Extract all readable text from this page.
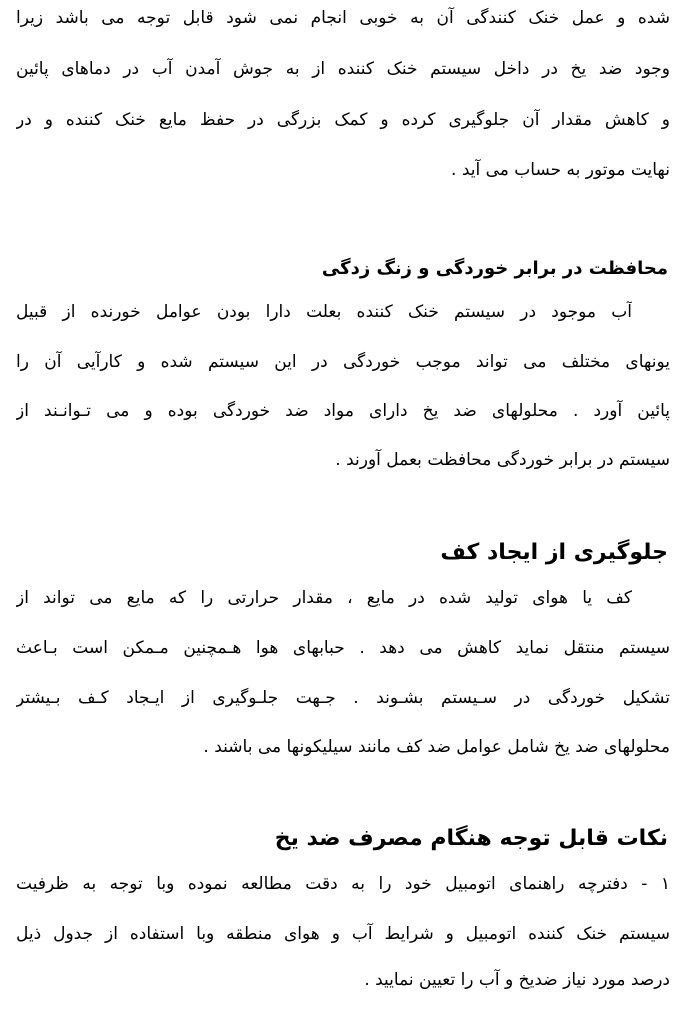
شده و عمل خنک کنندگی آن به خوبی انجام نمی شود قابل توجه می باشد زیرا
وجود ضد یخ در داخل سیستم خنک کننده از به جوش آمدن آب در دماهای پائین
و کاهش مقدار آن جلوگیری کرده و کمک بزرگی در حفظ مایع خنک کننده و در
نهایت موتور به حساب می آید .
محافظت در برابر خوردگی و زنگ زدگی
آب موجود در سیستم خنک کننده بعلت دارا بودن عوامل خورنده از قبیل
یونهای مختلف می تواند موجب خوردگی در این سیستم شده و کارآیی آن را
پائین آورد . محلولهای ضد یخ دارای مواد ضد خوردگی بوده و می تـوانـند از
سیستم در برابر خوردگی محافظت بعمل آورند .
جلوگیری از ایجاد کف
کف یا هوای تولید شده در مایع ، مقدار حرارتی را که مایع می تواند از
سیستم منتقل نماید کاهش می دهد . حبابهای هوا هـمچنین مـمکن است بـاعث
تشکیل خوردگی در سـیستم بشـوند . جـهت جلـوگیری از ایـجاد کـف بـیشتر
محلولهای ضد یخ شامل عوامل ضد کف مانند سیلیکونها می باشند .
نکات قابل توجه هنگام مصرف ضد یخ
۱ - دفترچه راهنمای اتومبیل خود را به دقت مطالعه نموده وبا توجه به ظرفیت
سیستم خنک کننده اتومبیل و شرایط آب و هوای منطقه وبا استفاده از جدول ذیل
درصد مورد نیاز ضدیخ و آب را تعیین نمایید .
